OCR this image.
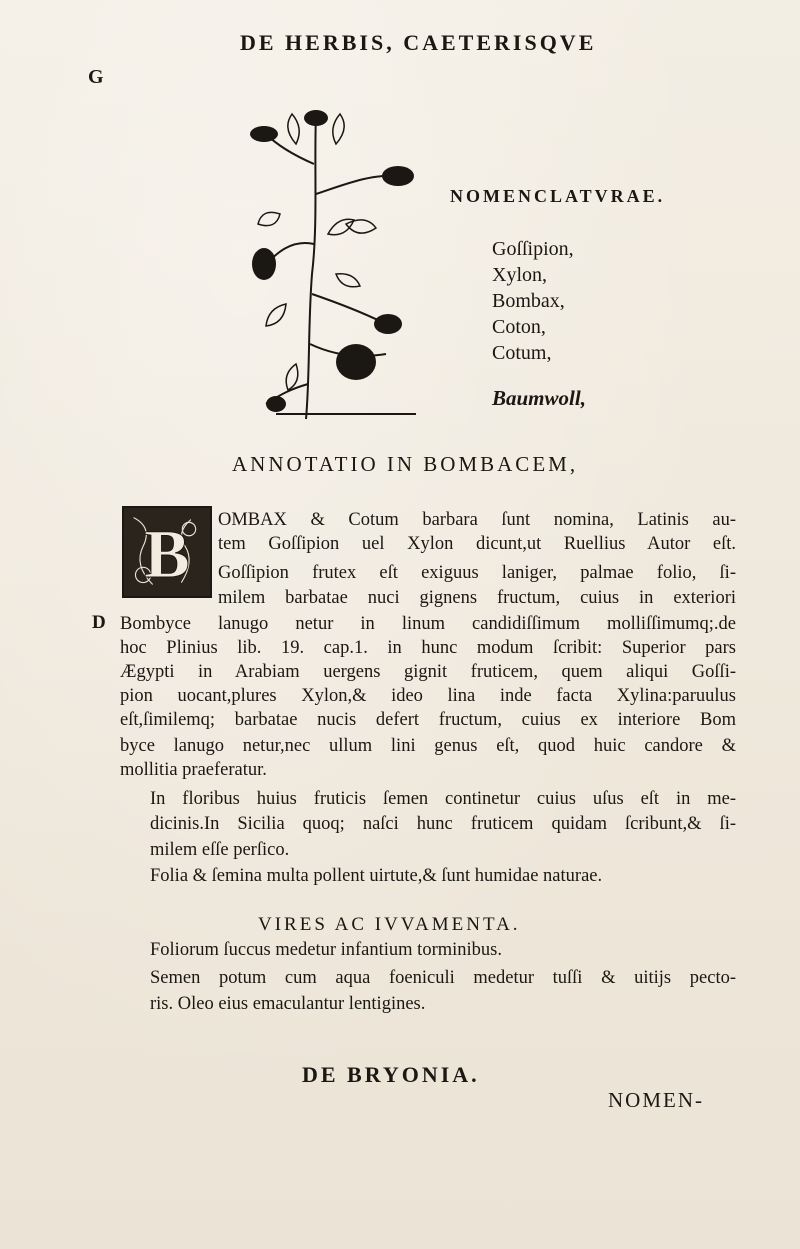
DE HERBIS, CAETERISQVE
G
NOMENCLATVRAE.
Goſſipion,
Xylon,
Bombax,
Coton,
Cotum,
Baumwoll,
ANNOTATIO IN BOMBACEM,
B
D
OMBAX & Cotum barbara ſunt nomina, Latinis au-
tem Goſſipion uel Xylon dicunt,ut Ruellius Autor eſt.
Goſſipion frutex eſt exiguus laniger, palmae folio, ſi-
milem barbatae nuci gignens fructum, cuius in exteriori
Bombyce lanugo netur in linum candidiſſimum molliſſimumq;.de
hoc Plinius lib. 19. cap.1. in hunc modum ſcribit: Superior pars
Ægypti in Arabiam uergens gignit fruticem, quem aliqui Goſſi-
pion uocant,plures Xylon,& ideo lina inde facta Xylina:paruulus
eſt,ſimilemq; barbatae nucis defert fructum, cuius ex interiore Bom
byce lanugo netur,nec ullum lini genus eſt, quod huic candore &
mollitia praeferatur.
In floribus huius fruticis ſemen continetur cuius uſus eſt in me-
dicinis.In Sicilia quoq; naſci hunc fruticem quidam ſcribunt,& ſi-
milem eſſe perſico.
Folia & ſemina multa pollent uirtute,& ſunt humidae naturae.
VIRES AC IVVAMENTA.
Foliorum ſuccus medetur infantium torminibus.
Semen potum cum aqua foeniculi medetur tuſſi & uitijs pecto-
ris. Oleo eius emaculantur lentigines.
DE BRYONIA.
NOMEN-
